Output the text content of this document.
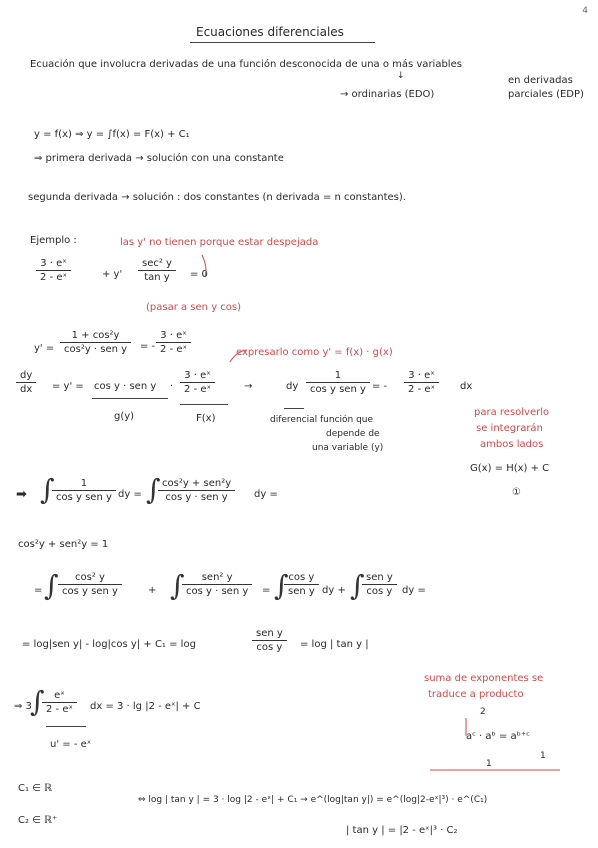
4
Ecuaciones diferenciales
Ecuación que involucra derivadas de una función desconocida de una o más variables
↓
→ ordinarias (EDO)
en derivadas
parciales (EDP)
y = f(x) ⇒ y = ∫f(x) = F(x) + C₁
⇒ primera derivada → solución con una constante
segunda derivada → solución : dos constantes (n derivada = n constantes).
Ejemplo :	las y' no tienen porque estar despejada
$\frac{\text{3 · eˣ}}{\text{2 - eˣ}}$	+ y'
sec² y
tan y	= 0
(pasar a sen y cos)
y' =
1 + cos²y
cos²y · sen y	= - $\frac{\text{3 · eˣ}}{\text{2 - eˣ}}$	expresarlo como y' = f(x) · g(x)
$\frac{dy}{dx} = y' = \cos y$ · sen $y \cdot \frac{\text{3 · eˣ}}{\text{2 - eˣ}}$
g(y)	F(x)
→	dy
1
cos y sen y = - $\frac{\text{3 · eˣ}}{\text{2 - eˣ}}$ dx
diferencial función que
depende de
una variable (y)
para resolverlo
se integrarán
ambos lados
G(x) = H(x) + C
①
➡ ∫	1
cos y sen y dy = ∫ cos²y + sen²y
cos y · sen y	dy =
cos²y + sen²y = 1
= ∫	cos² y
cos y sen y	+ ∫	sen² y
cos y · sen y	= ∫ cos y
sen y dy + ∫ sen y
cos y dy =
= log|sen y| - log|cos y| + C₁ = log
sen y
cos y	= log | tan y |
⇒ 3
∫
$\frac{\text{eˣ}}{\text{2 - eˣ}}$ dx = 3 · lg |2 - eˣ| + C
u' = - eˣ
suma de exponentes se
traduce a producto
2
aᶜ · aᵇ = aᵇ⁺ᶜ
1
C₁ ∈ ℝ
C₂ ∈ ℝ⁺
1
⇔ log | tan y | = 3 · log |2 - eˣ| + C₁ → e^(log|tan y|) = e^(log|2-eˣ|³) · e^(C₁)
| tan y | = |2 - eˣ|³ · C₂
